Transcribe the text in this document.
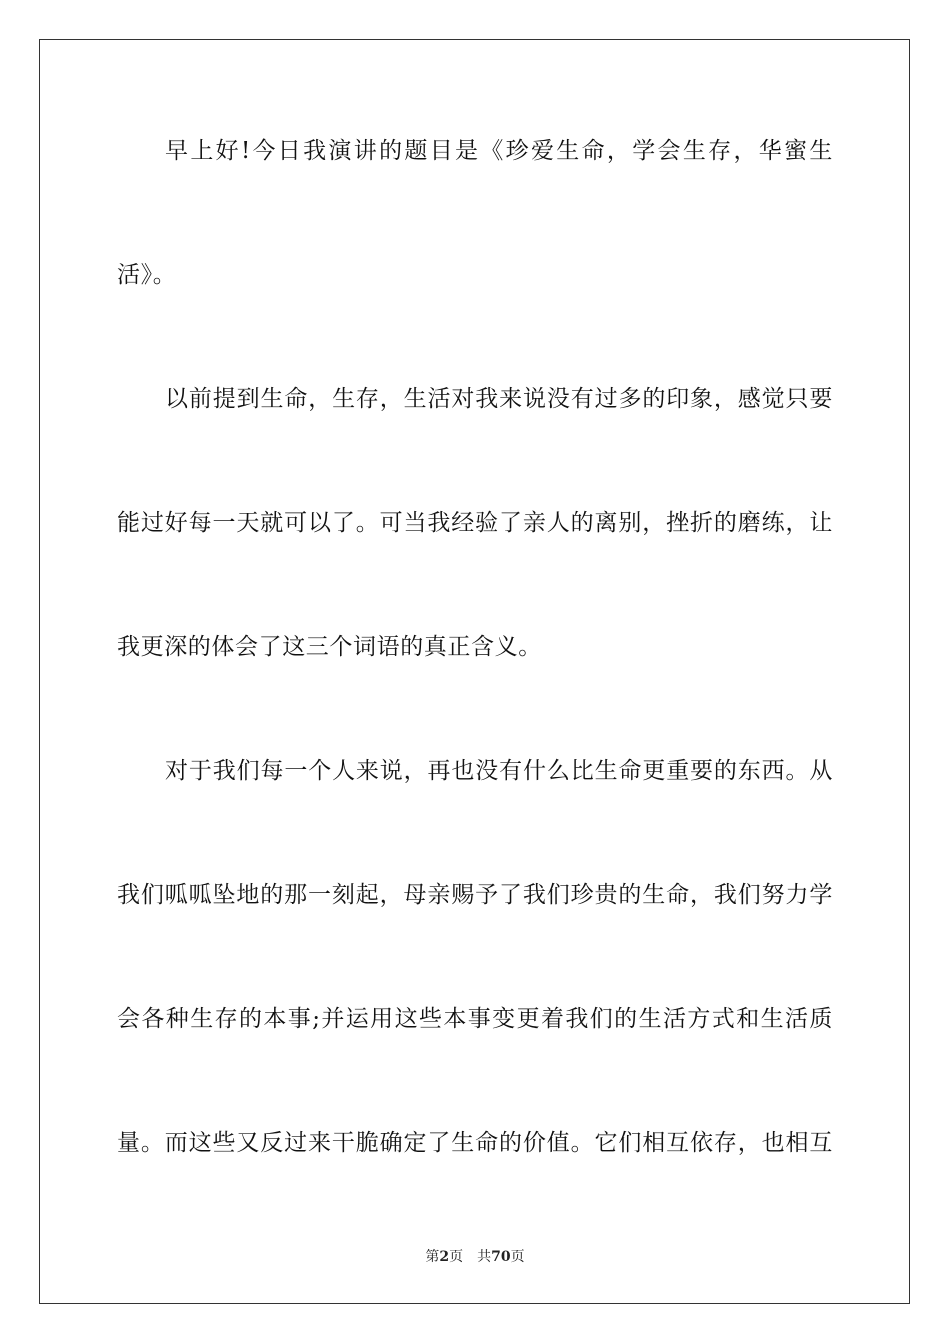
早上好!今日我演讲的题目是《珍爱生命，学会生存，华蜜生
活》。
以前提到生命，生存，生活对我来说没有过多的印象，感觉只要
能过好每一天就可以了。可当我经验了亲人的离别，挫折的磨练，让
我更深的体会了这三个词语的真正含义。
对于我们每一个人来说，再也没有什么比生命更重要的东西。从
我们呱呱坠地的那一刻起，母亲赐予了我们珍贵的生命，我们努力学
会各种生存的本事;并运用这些本事变更着我们的生活方式和生活质
量。而这些又反过来干脆确定了生命的价值。它们相互依存，也相互
第2页 共70页
